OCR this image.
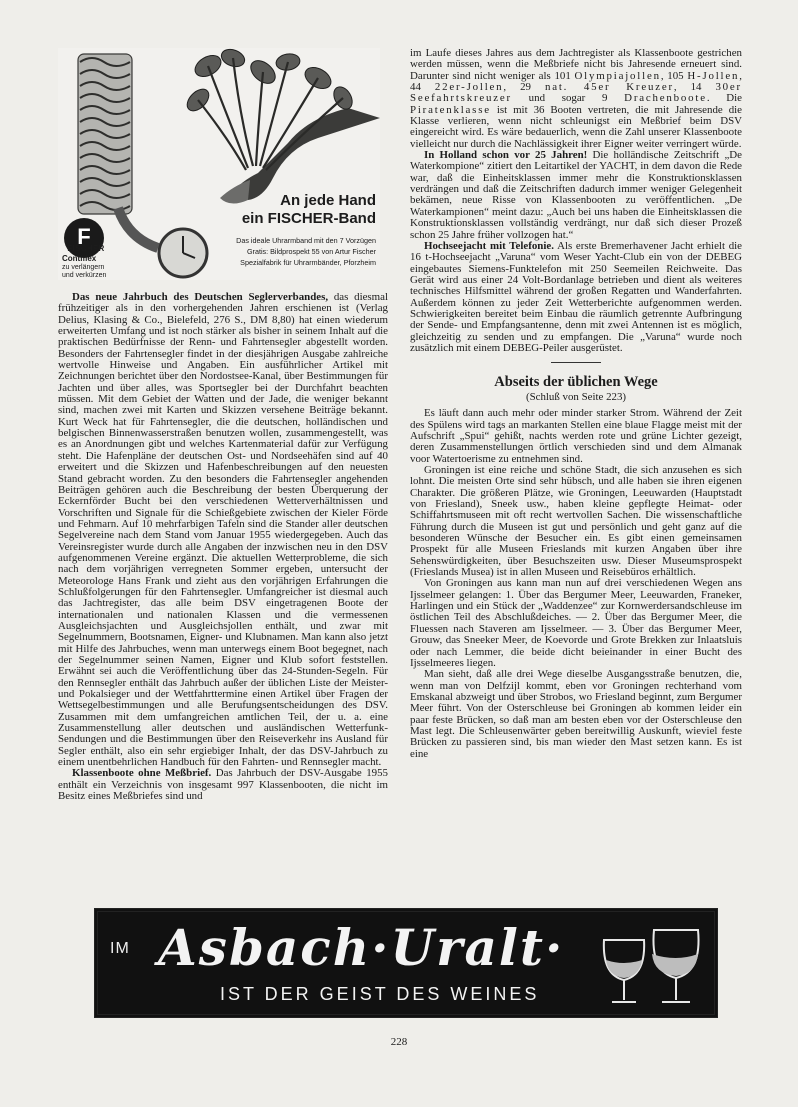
F
FISCHER
Contiflex
zu verlängern
und verkürzen
An jede Hand
ein FISCHER-Band
Das ideale Uhrarmband mit den 7 Vorzügen
Gratis: Bildprospekt 55 von Artur Fischer
Spezialfabrik für Uhrarmbänder, Pforzheim

Das neue Jahrbuch des Deutschen Seglerverbandes, das diesmal frühzeitiger als in den vorhergehenden Jahren erschienen ist (Verlag Delius, Klasing & Co., Bielefeld, 276 S., DM 8,80) hat einen wiederum erweiterten Umfang und ist noch stärker als bisher in seinem Inhalt auf die praktischen Bedürfnisse der Renn- und Fahrtensegler abgestellt worden. Besonders der Fahrtensegler findet in der diesjährigen Ausgabe zahlreiche wertvolle Hinweise und Angaben. Ein ausführlicher Artikel mit Zeichnungen berichtet über den Nordostsee-Kanal, über Bestimmungen für Jachten und über alles, was Sportsegler bei der Durchfahrt beachten müssen. Mit dem Gebiet der Watten und der Jade, die weniger bekannt sind, machen zwei mit Karten und Skizzen versehene Beiträge bekannt. Kurt Weck hat für Fahrtensegler, die die deutschen, holländischen und belgischen Binnenwasserstraßen benutzen wollen, zusammengestellt, was es an Anordnungen gibt und welches Kartenmaterial dafür zur Verfügung steht. Die Hafenpläne der deutschen Ost- und Nordseehäfen sind auf 40 erweitert und die Skizzen und Hafenbeschreibungen auf den neuesten Stand gebracht worden. Zu den besonders die Fahrtensegler angehenden Beiträgen gehören auch die Beschreibung der besten Überquerung der Eckernförder Bucht bei den verschiedenen Wetterverhältnissen und Vorschriften und Signale für die Schießgebiete zwischen der Kieler Förde und Fehmarn. Auf 10 mehrfarbigen Tafeln sind die Stander aller deutschen Segelvereine nach dem Stand vom Januar 1955 wiedergegeben. Auch das Vereinsregister wurde durch alle Angaben der inzwischen neu in den DSV aufgenommenen Vereine ergänzt. Die aktuellen Wetterprobleme, die sich nach dem vorjährigen verregneten Sommer ergeben, untersucht der Meteorologe Hans Frank und zieht aus den vorjährigen Erfahrungen die Schlußfolgerungen für den Fahrtensegler. Umfangreicher ist diesmal auch das Jachtregister, das alle beim DSV eingetragenen Boote der internationalen und nationalen Klassen und die vermessenen Ausgleichsjachten und Ausgleichsjollen enthält, und zwar mit Segelnummern, Bootsnamen, Eigner- und Klubnamen. Man kann also jetzt mit Hilfe des Jahrbuches, wenn man unterwegs einem Boot begegnet, nach der Segelnummer seinen Namen, Eigner und Klub sofort feststellen. Erwähnt sei auch die Veröffentlichung über das 24-Stunden-Segeln. Für den Rennsegler enthält das Jahrbuch außer der üblichen Liste der Meister- und Pokalsieger und der Wettfahrttermine einen Artikel über Fragen der Wettsegelbestimmungen und alle Berufungsentscheidungen des DSV. Zusammen mit dem umfangreichen amtlichen Teil, der u. a. eine Zusammenstellung aller deutschen und ausländischen Wetterfunk-Sendungen und die Bestimmungen über den Reiseverkehr ins Ausland für Segler enthält, also ein sehr ergiebiger Inhalt, der das DSV-Jahrbuch zu einem unentbehrlichen Handbuch für den Fahrten- und Rennsegler macht.

Klassenboote ohne Meßbrief. Das Jahrbuch der DSV-Ausgabe 1955 enthält ein Verzeichnis von insgesamt 997 Klassenbooten, die nicht im Besitz eines Meßbriefes sind und

im Laufe dieses Jahres aus dem Jachtregister als Klassenboote gestrichen werden müssen, wenn die Meßbriefe nicht bis Jahresende erneuert sind. Darunter sind nicht weniger als 101 Olympiajollen, 105 H-Jollen, 44 22er-Jollen, 29 nat. 45er Kreuzer, 14 30er Seefahrtskreuzer und sogar 9 Drachenboote. Die Piratenklasse ist mit 36 Booten vertreten, die mit Jahresende die Klasse verlieren, wenn nicht schleunigst ein Meßbrief beim DSV eingereicht wird. Es wäre bedauerlich, wenn die Zahl unserer Klassenboote vielleicht nur durch die Nachlässigkeit ihrer Eigner weiter verringert würde.

In Holland schon vor 25 Jahren! Die holländische Zeitschrift „De Waterkompione“ zitiert den Leitartikel der YACHT, in dem davon die Rede war, daß die Einheitsklassen immer mehr die Konstruktionsklassen verdrängen und daß die Zeitschriften dadurch immer weniger Gelegenheit bekämen, neue Risse von Klassenbooten zu veröffentlichen. „De Waterkampionen“ meint dazu: „Auch bei uns haben die Einheitsklassen die Konstruktionsklassen vollständig verdrängt, nur daß sich dieser Prozeß schon 25 Jahre früher vollzogen hat.“

Hochseejacht mit Telefonie. Als erste Bremerhavener Jacht erhielt die 16 t-Hochseejacht „Varuna“ vom Weser Yacht-Club ein von der DEBEG eingebautes Siemens-Funktelefon mit 250 Seemeilen Reichweite. Das Gerät wird aus einer 24 Volt-Bordanlage betrieben und dient als weiteres technisches Hilfsmittel während der großen Regatten und Wanderfahrten. Außerdem können zu jeder Zeit Wetterberichte aufgenommen werden. Schwierigkeiten bereitet beim Einbau die räumlich getrennte Aufbringung der Sende- und Empfangsantenne, denn mit zwei Antennen ist es möglich, gleichzeitig zu senden und zu empfangen. Die „Varuna“ wurde noch zusätzlich mit einem DEBEG-Peiler ausgerüstet.

Abseits der üblichen Wege
(Schluß von Seite 223)

Es läuft dann auch mehr oder minder starker Strom. Während der Zeit des Spülens wird tags an markanten Stellen eine blaue Flagge meist mit der Aufschrift „Spui“ gehißt, nachts werden rote und grüne Lichter gezeigt, deren Zusammenstellungen örtlich verschieden sind und dem Almanak voor Watertoerisme zu entnehmen sind.

Groningen ist eine reiche und schöne Stadt, die sich anzusehen es sich lohnt. Die meisten Orte sind sehr hübsch, und alle haben sie ihren eigenen Charakter. Die größeren Plätze, wie Groningen, Leeuwarden (Hauptstadt von Friesland), Sneek usw., haben kleine gepflegte Heimat- oder Schiffahrtsmuseen mit oft recht wertvollen Sachen. Die wissenschaftliche Führung durch die Museen ist gut und persönlich und geht ganz auf die besonderen Wünsche der Besucher ein. Es gibt einen gemeinsamen Prospekt für alle Museen Frieslands mit kurzen Angaben über ihre Sehenswürdigkeiten, über Besuchszeiten usw. Dieser Museumsprospekt (Frieslands Musea) ist in allen Museen und Reisebüros erhältlich.

Von Groningen aus kann man nun auf drei verschiedenen Wegen ans Ijsselmeer gelangen: 1. Über das Bergumer Meer, Leeuwarden, Franeker, Harlingen und ein Stück der „Waddenzee“ zur Kornwerdersandschleuse im östlichen Teil des Abschlußdeiches. — 2. Über das Bergumer Meer, die Fluessen nach Staveren am Ijsselmeer. — 3. Über das Bergumer Meer, Grouw, das Sneeker Meer, de Koevorde und Grote Brekken zur Inlaatsluis oder nach Lemmer, die beide dicht beieinander in einer Bucht des Ijsselmeeres liegen.

Man sieht, daß alle drei Wege dieselbe Ausgangsstraße benutzen, die, wenn man von Delfzijl kommt, eben vor Groningen rechterhand vom Emskanal abzweigt und über Strobos, wo Friesland beginnt, zum Bergumer Meer führt. Von der Osterschleuse bei Groningen ab kommen leider ein paar feste Brücken, so daß man am besten eben vor der Osterschleuse den Mast legt. Die Schleusenwärter geben bereitwillig Auskunft, wieviel feste Brücken zu passieren sind, bis man wieder den Mast setzen kann. Es ist eine

IM Asbach·Uralt·
IST DER GEIST DES WEINES
228
